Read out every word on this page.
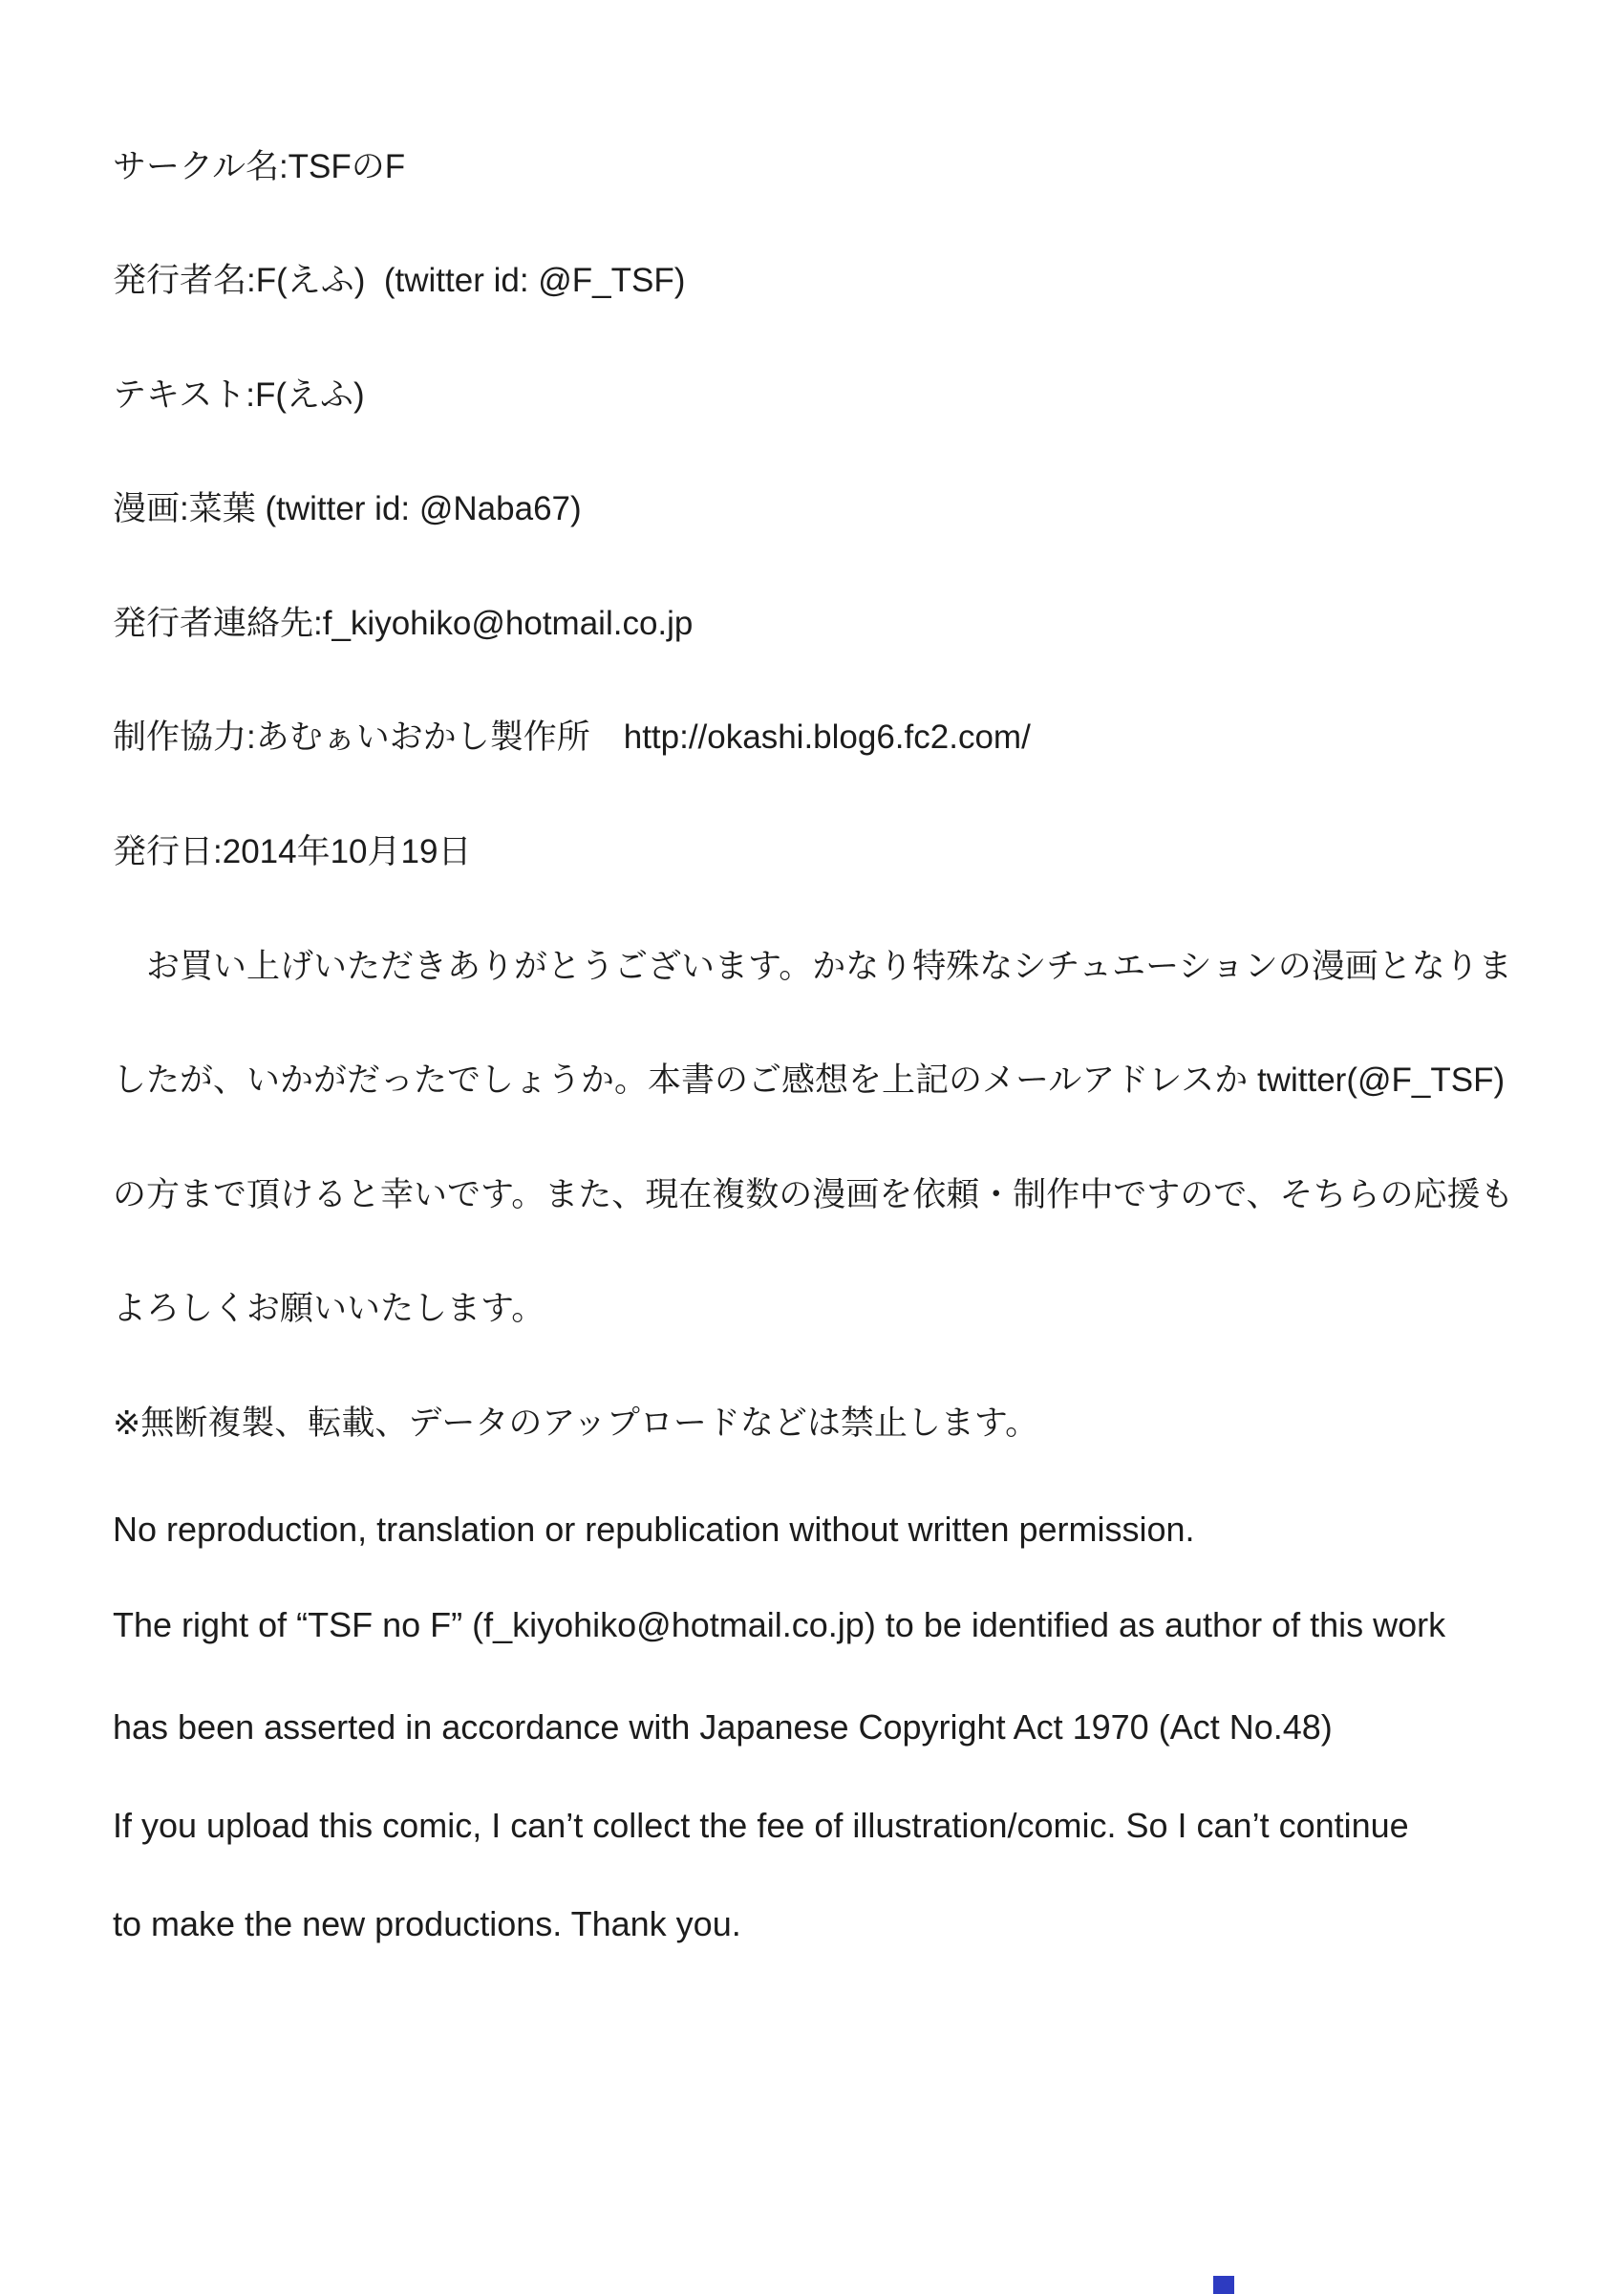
サークル名:TSFのF

発行者名:F(えふ)  (twitter id: @F_TSF)

テキスト:F(えふ)

漫画:菜葉 (twitter id: @Naba67)

発行者連絡先:f_kiyohiko@hotmail.co.jp

制作協力:あむぁいおかし製作所　http://okashi.blog6.fc2.com/

発行日:2014年10月19日

　お買い上げいただきありがとうございます。かなり特殊なシチュエーションの漫画となりま

したが、いかがだったでしょうか。本書のご感想を上記のメールアドレスか twitter(@F_TSF)

の方まで頂けると幸いです。また、現在複数の漫画を依頼・制作中ですので、そちらの応援も

よろしくお願いいたします。

※無断複製、転載、データのアップロードなどは禁止します。

No reproduction, translation or republication without written permission.

The right of “TSF no F” (f_kiyohiko@hotmail.co.jp) to be identified as author of this work

has been asserted in accordance with Japanese Copyright Act 1970 (Act No.48)

If you upload this comic, I can’t collect the fee of illustration/comic. So I can’t continue

to make the new productions. Thank you.
